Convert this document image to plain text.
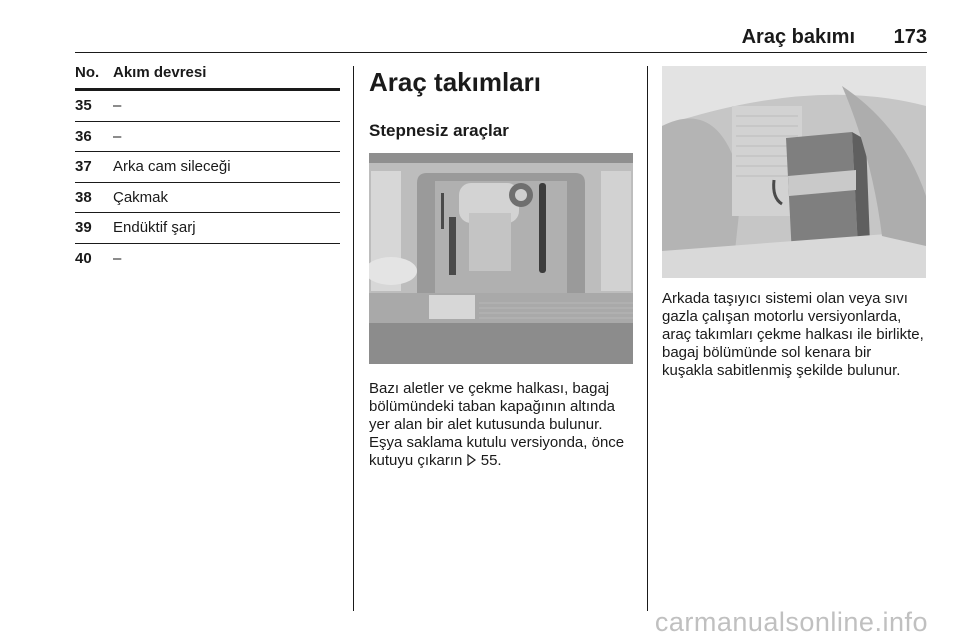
Araç bakımı 173
No. Akım devresi
35	–
36	–
37	Arka cam sileceği
38	Çakmak
39	Endüktif şarj
40	–
Araç takımları
Stepnesiz araçlar
Bazı aletler ve çekme halkası, bagaj bölümündeki taban kapağının altında yer alan bir alet kutusunda bulunur. Eşya saklama kutulu versiyonda, önce kutuyu çıkarın 55.
Arkada taşıyıcı sistemi olan veya sıvı gazla çalışan motorlu versiyonlarda, araç takımları çekme halkası ile birlikte, bagaj bölümünde sol kenara bir kuşakla sabitlenmiş şekilde bulunur.
carmanualsonline.info
